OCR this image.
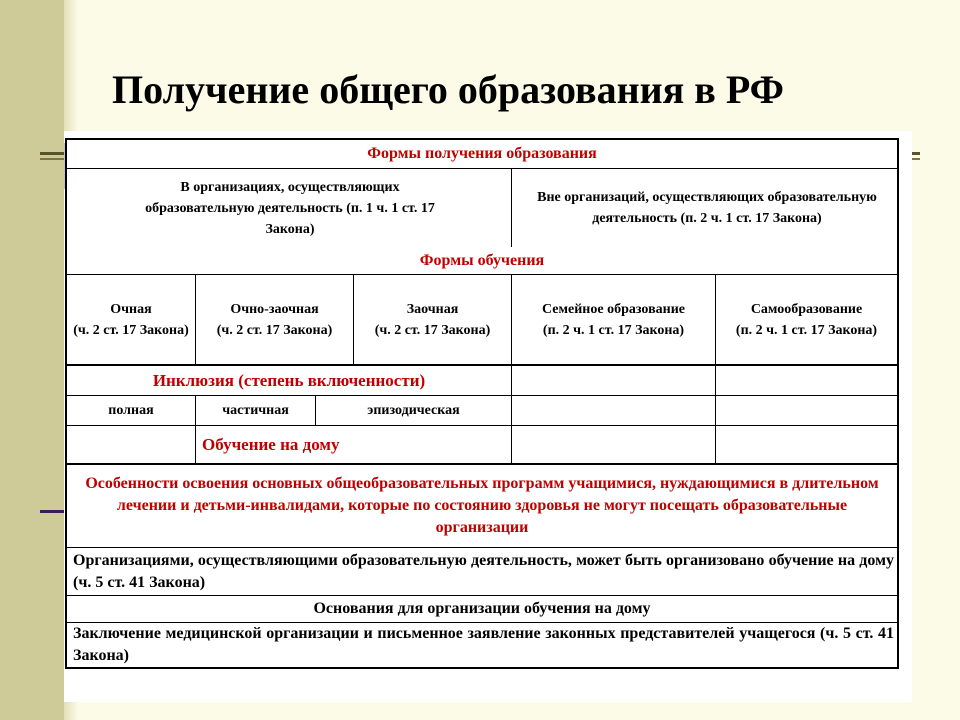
Получение общего образования в РФ
Формы получения образования
В организациях, осуществляющих образовательную деятельность (п. 1 ч. 1 ст. 17 Закона)
Вне организаций, осуществляющих образовательную деятельность (п. 2 ч. 1 ст. 17 Закона)
Формы обучения
Очная
(ч. 2 ст. 17 Закона)
Очно-заочная
(ч. 2 ст. 17 Закона)
Заочная
(ч. 2 ст. 17 Закона)
Семейное образование
(п. 2 ч. 1 ст. 17 Закона)
Самообразование
(п. 2 ч. 1 ст. 17 Закона)
Инклюзия (степень включенности)
полная	частичная	эпизодическая
Обучение на дому
Особенности освоения основных общеобразовательных программ учащимися, нуждающимися в длительном лечении и детьми-инвалидами, которые по состоянию здоровья не могут посещать образовательные организации
Организациями, осуществляющими образовательную деятельность, может быть организовано обучение на дому (ч. 5 ст. 41 Закона)
Основания для организации обучения на дому
Заключение медицинской организации и письменное заявление законных представителей учащегося (ч. 5 ст. 41 Закона)
